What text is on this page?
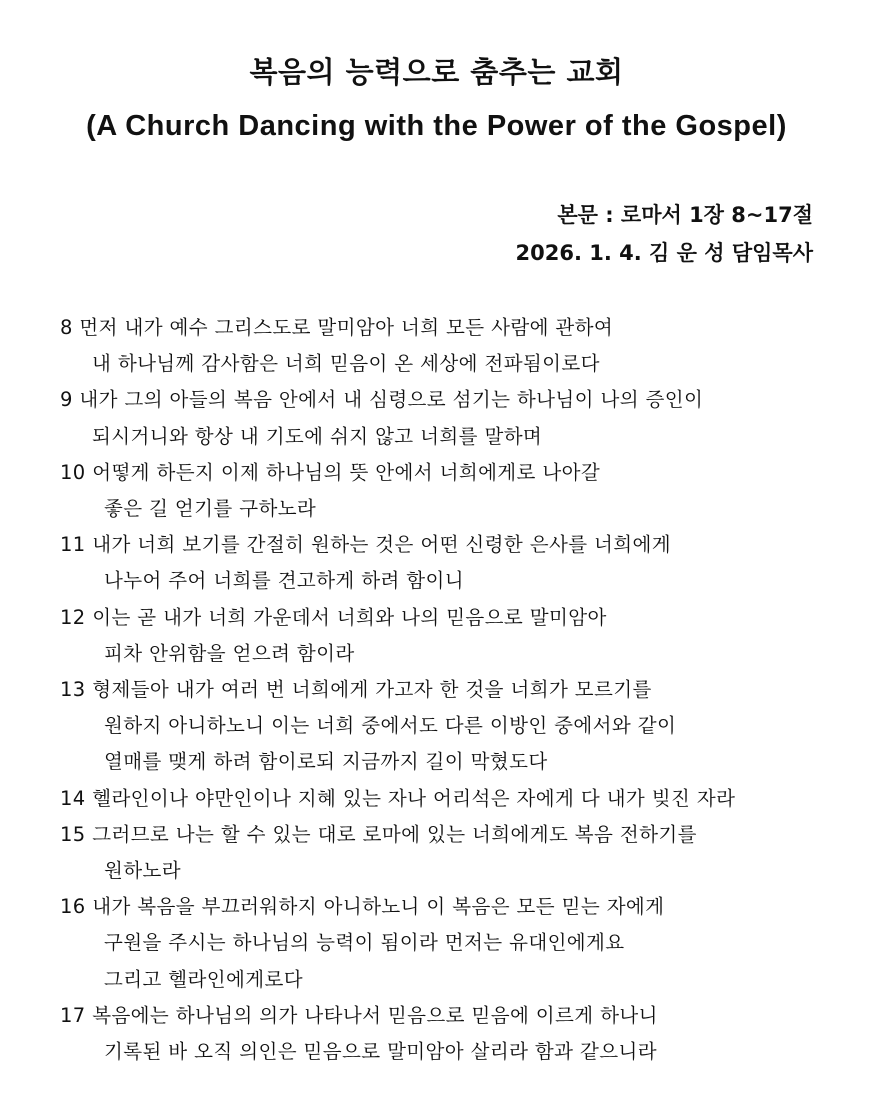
복음의 능력으로 춤추는 교회
(A Church Dancing with the Power of the Gospel)
본문 : 로마서 1장 8~17절
2026. 1. 4. 김 운 성 담임목사
8 먼저 내가 예수 그리스도로 말미암아 너희 모든 사람에 관하여
내 하나님께 감사함은 너희 믿음이 온 세상에 전파됨이로다
9 내가 그의 아들의 복음 안에서 내 심령으로 섬기는 하나님이 나의 증인이
되시거니와 항상 내 기도에 쉬지 않고 너희를 말하며
10 어떻게 하든지 이제 하나님의 뜻 안에서 너희에게로 나아갈
좋은 길 얻기를 구하노라
11 내가 너희 보기를 간절히 원하는 것은 어떤 신령한 은사를 너희에게
나누어 주어 너희를 견고하게 하려 함이니
12 이는 곧 내가 너희 가운데서 너희와 나의 믿음으로 말미암아
피차 안위함을 얻으려 함이라
13 형제들아 내가 여러 번 너희에게 가고자 한 것을 너희가 모르기를
원하지 아니하노니 이는 너희 중에서도 다른 이방인 중에서와 같이
열매를 맺게 하려 함이로되 지금까지 길이 막혔도다
14 헬라인이나 야만인이나 지혜 있는 자나 어리석은 자에게 다 내가 빚진 자라
15 그러므로 나는 할 수 있는 대로 로마에 있는 너희에게도 복음 전하기를
원하노라
16 내가 복음을 부끄러워하지 아니하노니 이 복음은 모든 믿는 자에게
구원을 주시는 하나님의 능력이 됨이라 먼저는 유대인에게요
그리고 헬라인에게로다
17 복음에는 하나님의 의가 나타나서 믿음으로 믿음에 이르게 하나니
기록된 바 오직 의인은 믿음으로 말미암아 살리라 함과 같으니라
